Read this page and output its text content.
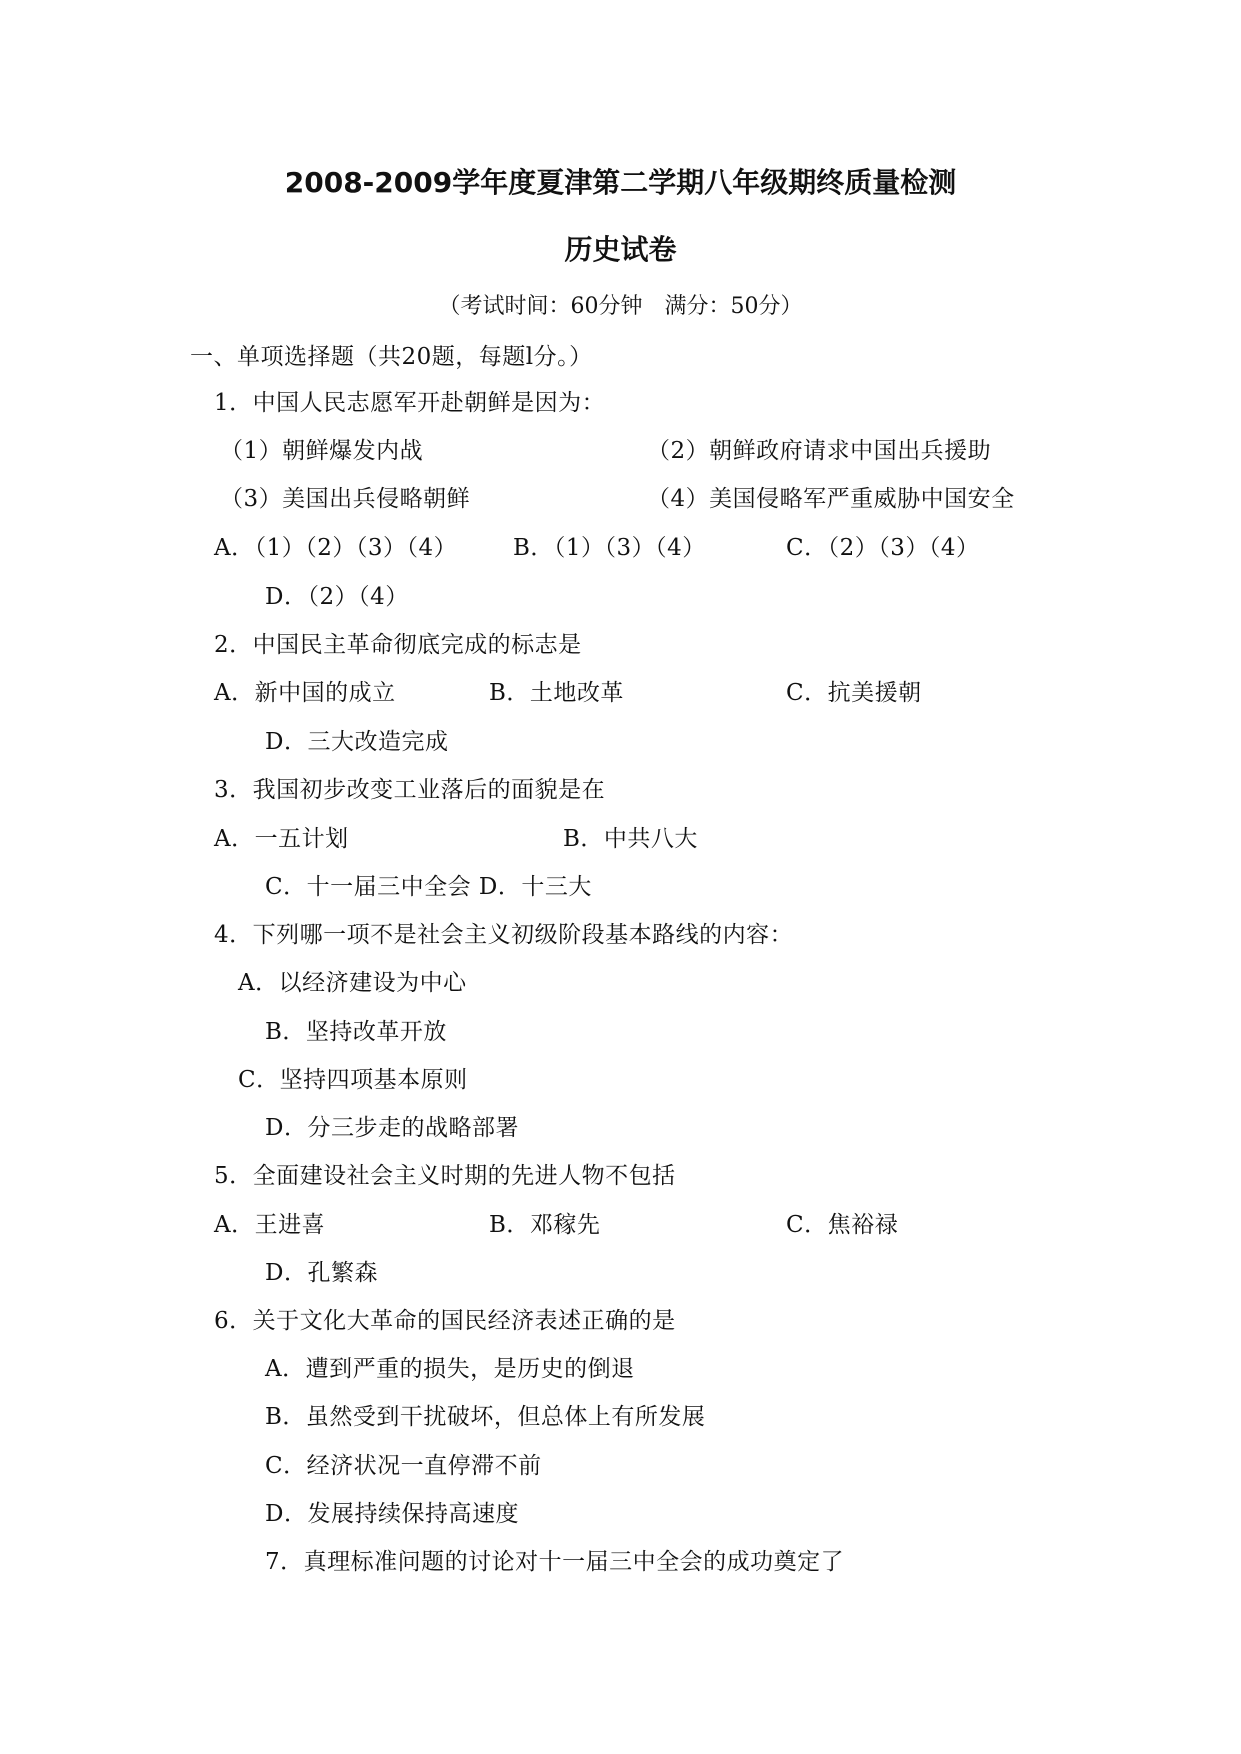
2008-2009学年度夏津第二学期八年级期终质量检测
历史试卷
（考试时间：60分钟　满分：50分）
一、单项选择题（共20题，每题l分。）
1．中国人民志愿军开赴朝鲜是因为：
（1）朝鲜爆发内战	（2）朝鲜政府请求中国出兵援助
（3）美国出兵侵略朝鲜	（4）美国侵略军严重威胁中国安全
A．（1）（2）（3）（4） B．（1）（3）（4）	C．（2）（3）（4）
D．（2）（4）
2．中国民主革命彻底完成的标志是
A．新中国的成立	B．土地改革	C．抗美援朝
D．三大改造完成
3．我国初步改变工业落后的面貌是在
A．一五计划	B．中共八大
C．十一届三中全会 D．十三大
4．下列哪一项不是社会主义初级阶段基本路线的内容：
A．以经济建设为中心
B．坚持改革开放
C．坚持四项基本原则
D．分三步走的战略部署
5．全面建设社会主义时期的先进人物不包括
A．王进喜	B．邓稼先	C．焦裕禄
D．孔繁森
6．关于文化大革命的国民经济表述正确的是
A．遭到严重的损失，是历史的倒退
B．虽然受到干扰破坏，但总体上有所发展
C．经济状况一直停滞不前
D．发展持续保持高速度
7．真理标准问题的讨论对十一届三中全会的成功奠定了
